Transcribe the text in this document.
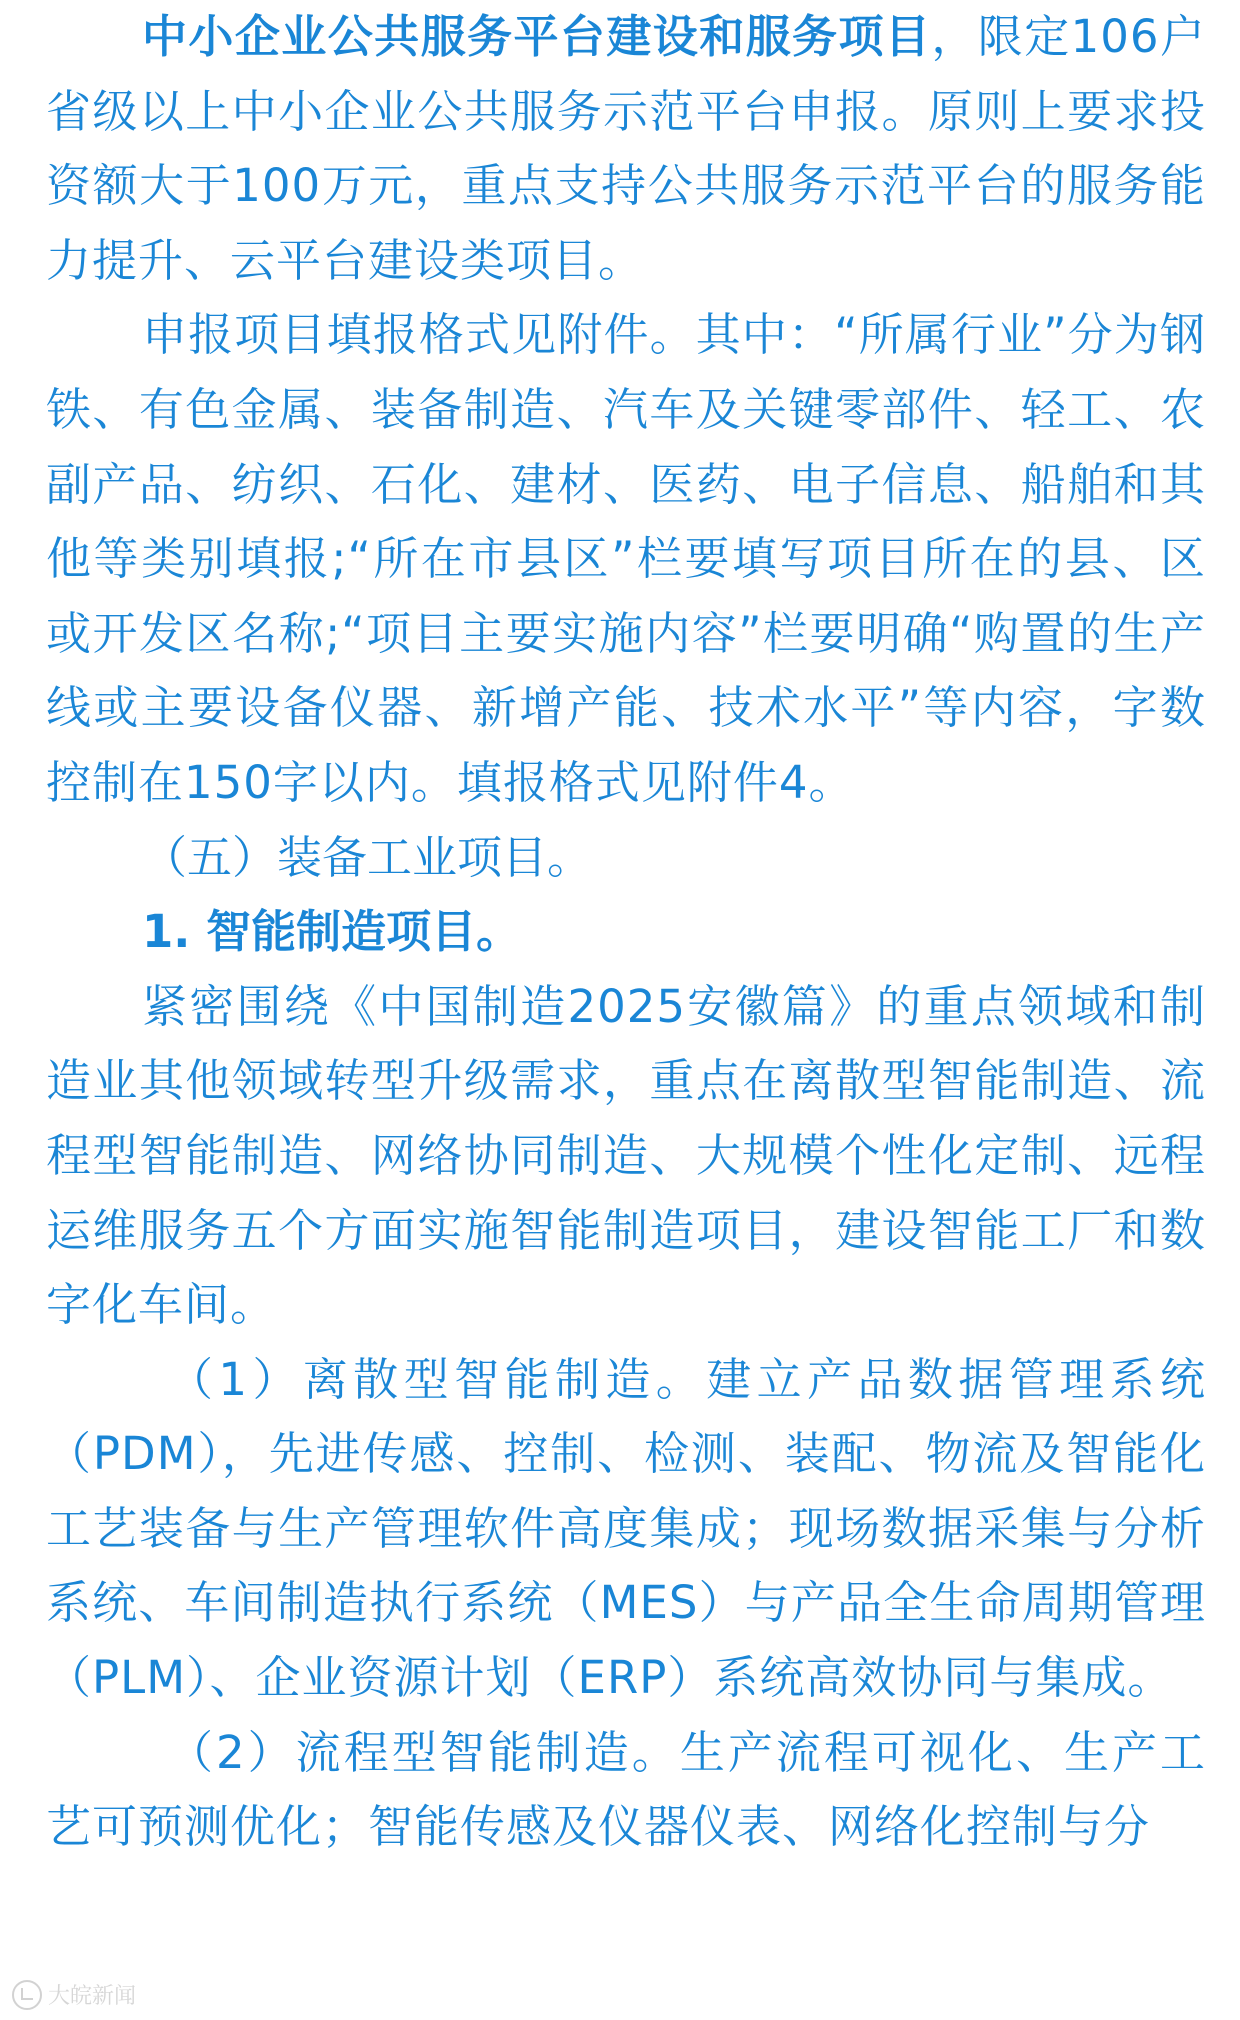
中小企业公共服务平台建设和服务项目，限定106户省级以上中小企业公共服务示范平台申报。原则上要求投资额大于100万元，重点支持公共服务示范平台的服务能力提升、云平台建设类项目。

申报项目填报格式见附件。其中：“所属行业”分为钢铁、有色金属、装备制造、汽车及关键零部件、轻工、农副产品、纺织、石化、建材、医药、电子信息、船舶和其他等类别填报;“所在市县区”栏要填写项目所在的县、区或开发区名称;“项目主要实施内容”栏要明确“购置的生产线或主要设备仪器、新增产能、技术水平”等内容，字数控制在150字以内。填报格式见附件4。

（五）装备工业项目。

1. 智能制造项目。

紧密围绕《中国制造2025安徽篇》的重点领域和制造业其他领域转型升级需求，重点在离散型智能制造、流程型智能制造、网络协同制造、大规模个性化定制、远程运维服务五个方面实施智能制造项目，建设智能工厂和数字化车间。

（1）离散型智能制造。建立产品数据管理系统（PDM），先进传感、控制、检测、装配、物流及智能化工艺装备与生产管理软件高度集成；现场数据采集与分析系统、车间制造执行系统（MES）与产品全生命周期管理（PLM）、企业资源计划（ERP）系统高效协同与集成。

（2）流程型智能制造。生产流程可视化、生产工艺可预测优化；智能传感及仪器仪表、网络化控制与分

大皖新闻
